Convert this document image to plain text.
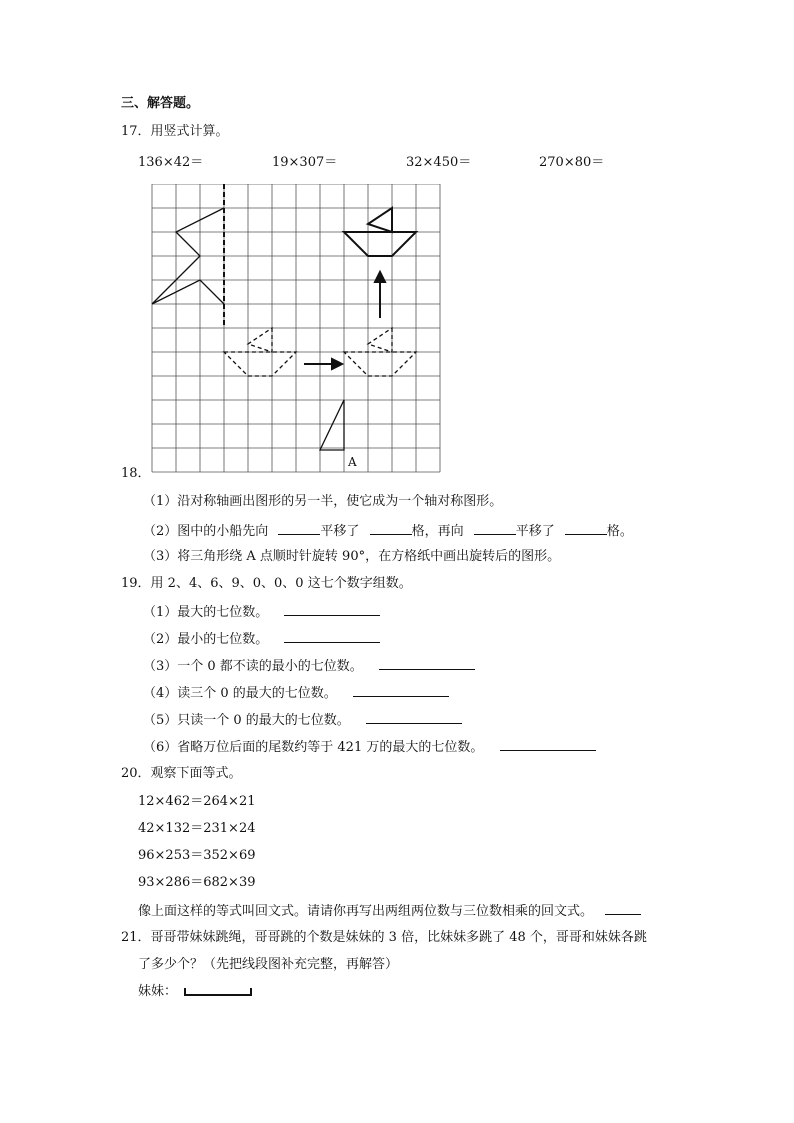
三、解答题。
17．用竖式计算。
136×42＝	19×307＝	32×450＝	270×80＝
A
18．
（1）沿对称轴画出图形的另一半，使它成为一个轴对称图形。
（2）图中的小船先向	平移了	格，再向	平移了	格。
（3）将三角形绕 A 点顺时针旋转 90°，在方格纸中画出旋转后的图形。
19．用 2、4、6、9、0、0、0 这七个数字组数。
（1）最大的七位数。
（2）最小的七位数。
（3）一个 0 都不读的最小的七位数。
（4）读三个 0 的最大的七位数。
（5）只读一个 0 的最大的七位数。
（6）省略万位后面的尾数约等于 421 万的最大的七位数。
20．观察下面等式。
12×462＝264×21
42×132＝231×24
96×253＝352×69
93×286＝682×39
像上面这样的等式叫回文式。请请你再写出两组两位数与三位数相乘的回文式。
21．哥哥带妹妹跳绳，哥哥跳的个数是妹妹的 3 倍，比妹妹多跳了 48 个，哥哥和妹妹各跳
了多少个？（先把线段图补充完整，再解答）
妹妹：
